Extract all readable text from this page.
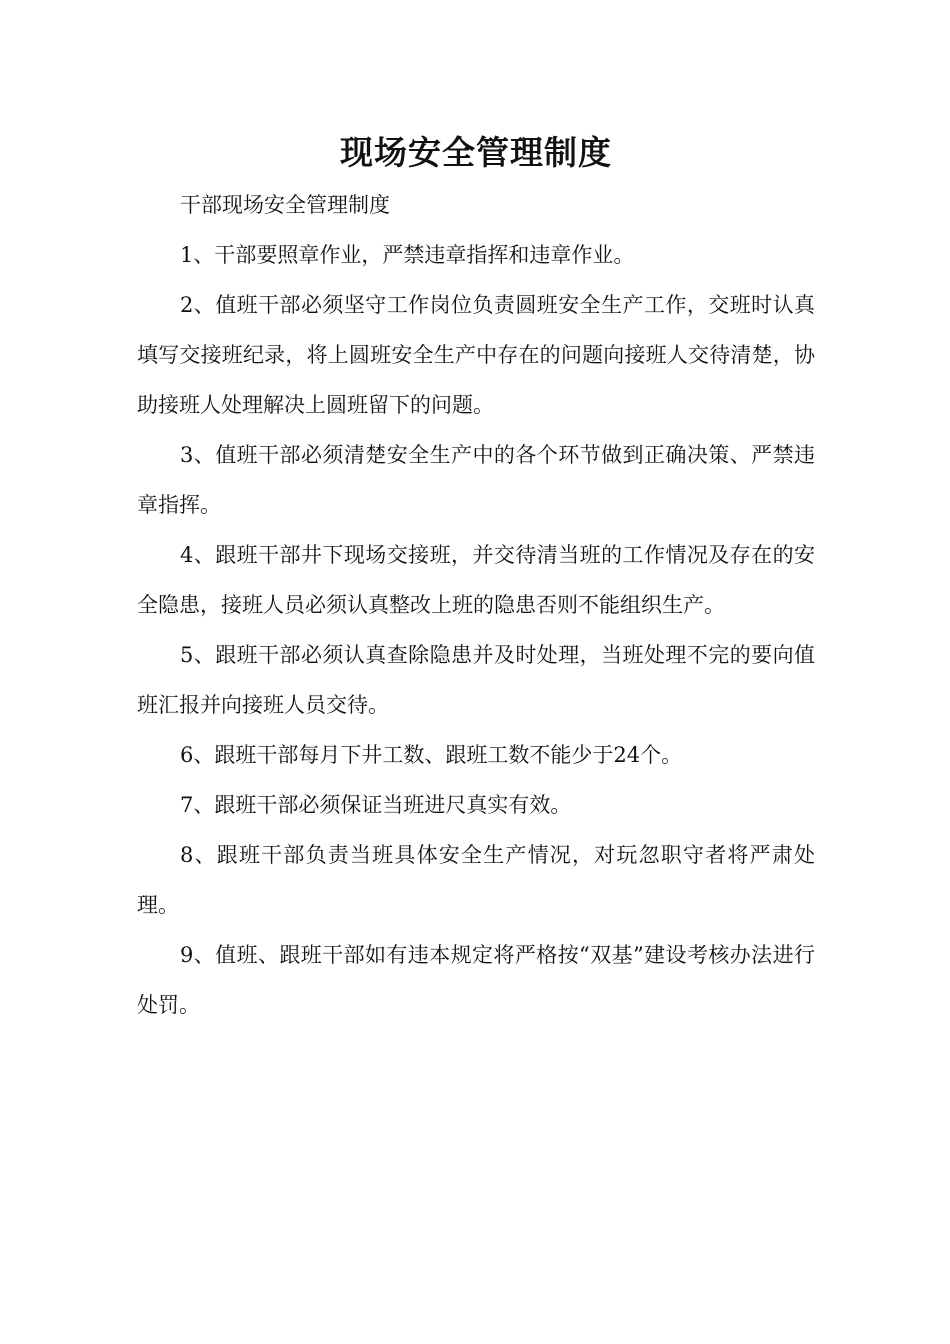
现场安全管理制度

干部现场安全管理制度

1、干部要照章作业，严禁违章指挥和违章作业。

2、值班干部必须坚守工作岗位负责圆班安全生产工作，交班时认真填写交接班纪录，将上圆班安全生产中存在的问题向接班人交待清楚，协助接班人处理解决上圆班留下的问题。

3、值班干部必须清楚安全生产中的各个环节做到正确决策、严禁违章指挥。

4、跟班干部井下现场交接班，并交待清当班的工作情况及存在的安全隐患，接班人员必须认真整改上班的隐患否则不能组织生产。

5、跟班干部必须认真查除隐患并及时处理，当班处理不完的要向值班汇报并向接班人员交待。

6、跟班干部每月下井工数、跟班工数不能少于24个。

7、跟班干部必须保证当班进尺真实有效。

8、跟班干部负责当班具体安全生产情况，对玩忽职守者将严肃处理。

9、值班、跟班干部如有违本规定将严格按“双基”建设考核办法进行处罚。
